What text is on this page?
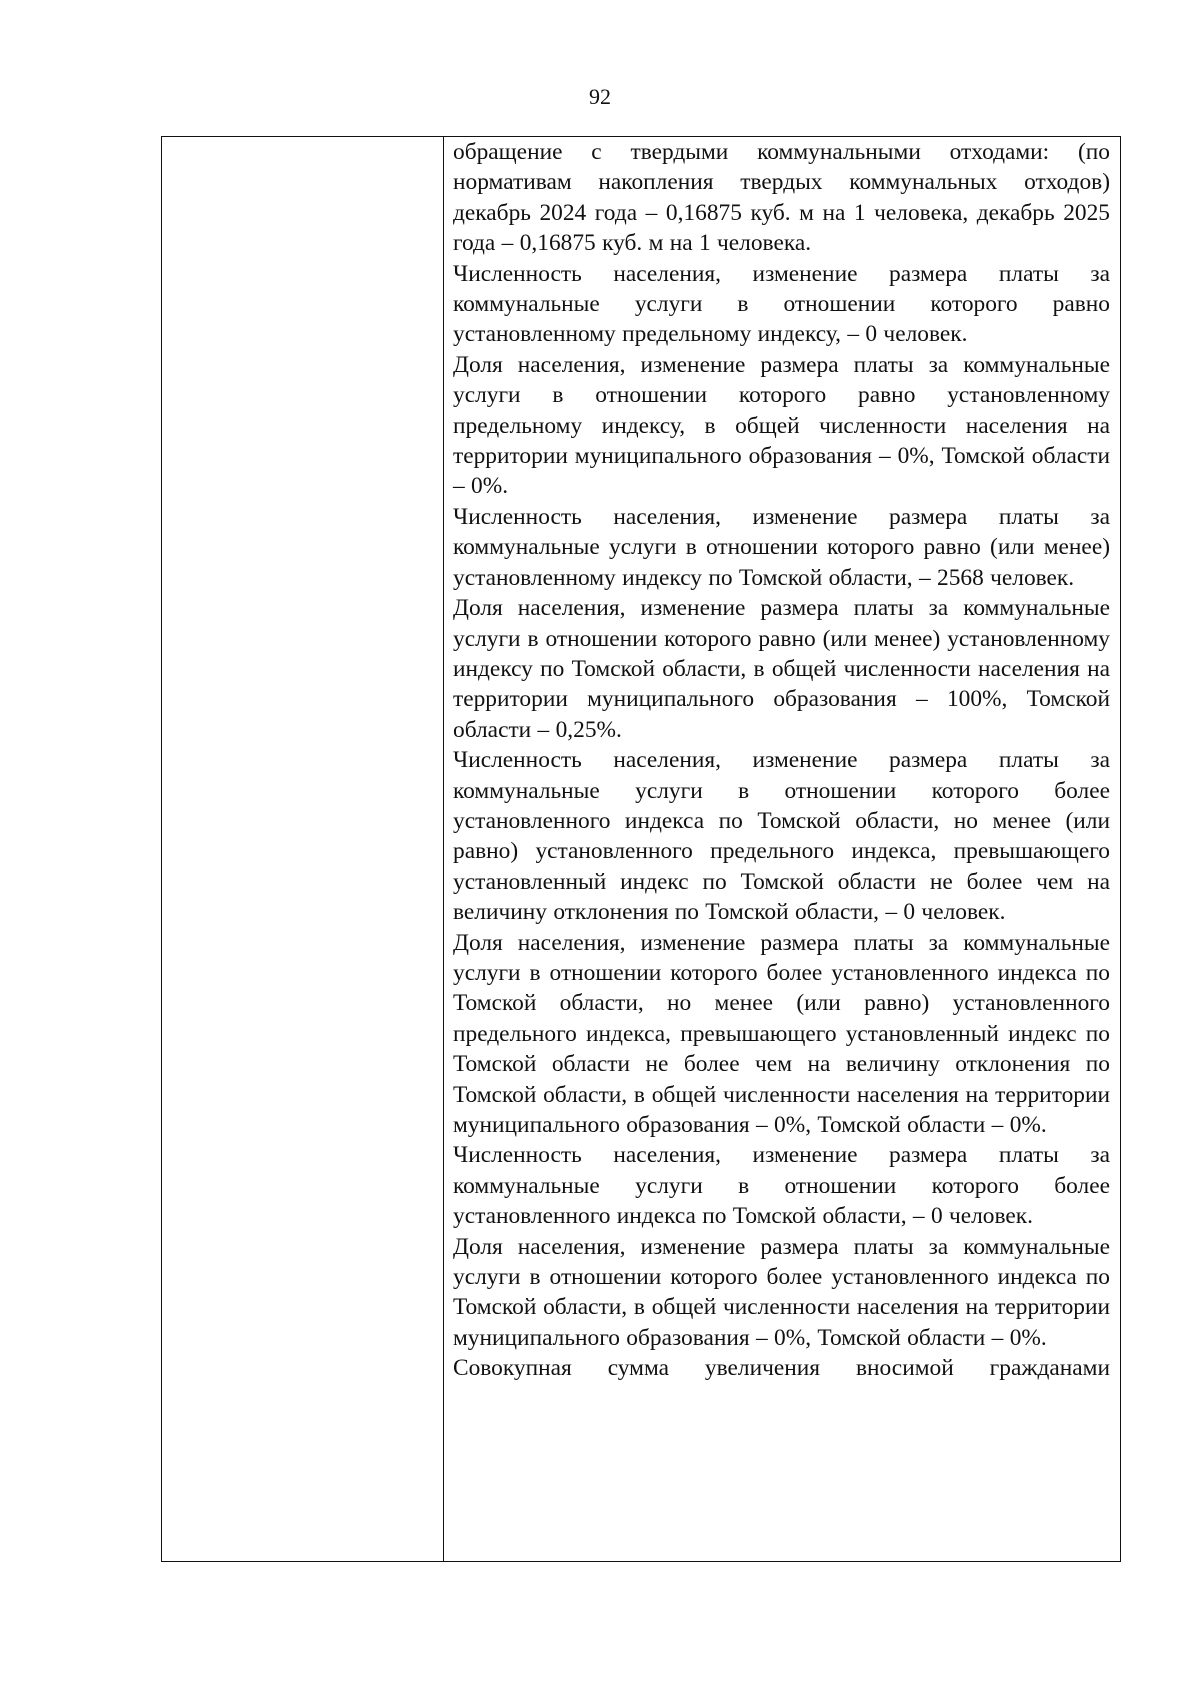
92

обращение с твердыми коммунальными отходами: (по нормативам накопления твердых коммунальных отходов) декабрь 2024 года – 0,16875 куб. м на 1 человека, декабрь 2025 года – 0,16875 куб. м на 1 человека.

Численность населения, изменение размера платы за коммунальные услуги в отношении которого равно установленному предельному индексу, – 0 человек.

Доля населения, изменение размера платы за коммунальные услуги в отношении которого равно установленному предельному индексу, в общей численности населения на территории муниципального образования – 0%, Томской области – 0%.

Численность населения, изменение размера платы за коммунальные услуги в отношении которого равно (или менее) установленному индексу по Томской области, – 2568 человек.

Доля населения, изменение размера платы за коммунальные услуги в отношении которого равно (или менее) установленному индексу по Томской области, в общей численности населения на территории муниципального образования – 100%, Томской области – 0,25%.

Численность населения, изменение размера платы за коммунальные услуги в отношении которого более установленного индекса по Томской области, но менее (или равно) установленного предельного индекса, превышающего установленный индекс по Томской области не более чем на величину отклонения по Томской области, – 0 человек.

Доля населения, изменение размера платы за коммунальные услуги в отношении которого более установленного индекса по Томской области, но менее (или равно) установленного предельного индекса, превышающего установленный индекс по Томской области не более чем на величину отклонения по Томской области, в общей численности населения на территории муниципального образования – 0%, Томской области – 0%.

Численность населения, изменение размера платы за коммунальные услуги в отношении которого более установленного индекса по Томской области, – 0 человек.

Доля населения, изменение размера платы за коммунальные услуги в отношении которого более установленного индекса по Томской области, в общей численности населения на территории муниципального образования – 0%, Томской области – 0%.

Совокупная сумма увеличения вносимой гражданами
